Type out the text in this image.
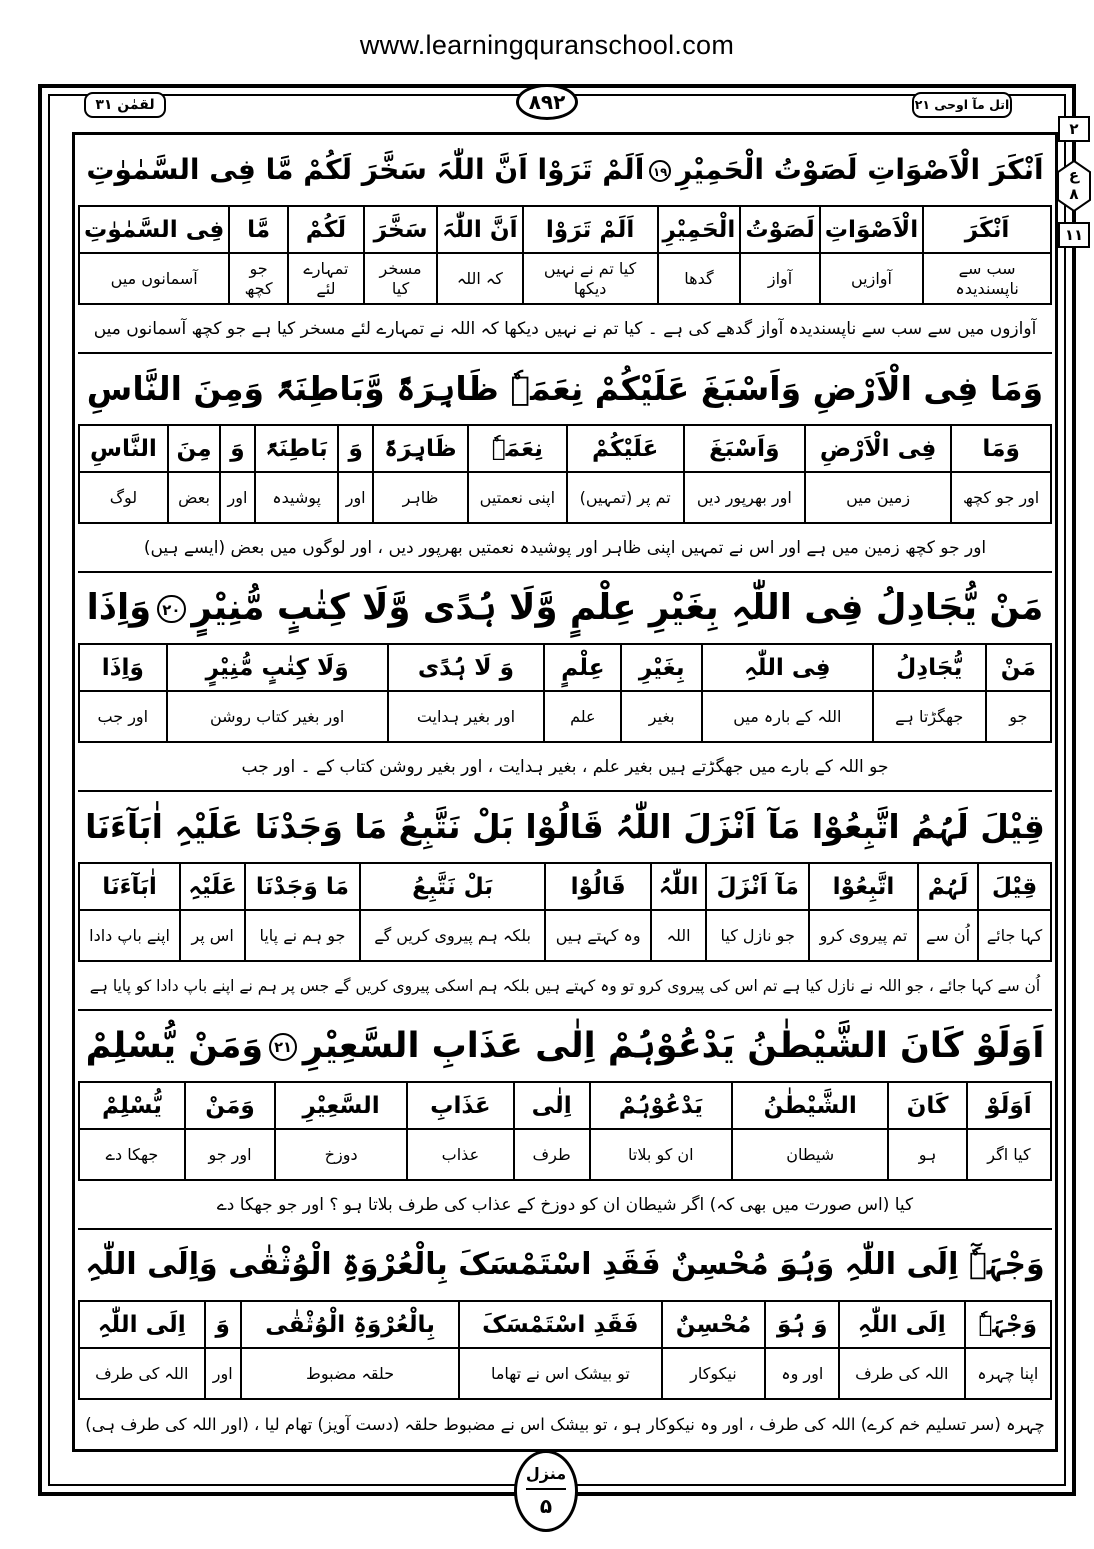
www.learningquranschool.com
لقمٰن ۳۱	۸۹۲	اتل مآ اوحی ۲۱
۲
ع
۸
۱۱
اَنْکَرَ الْاَصْوَاتِ لَصَوْتُ الْحَمِیْرِ۱۹اَلَمْ تَرَوْا اَنَّ اللّٰہَ سَخَّرَ لَکُمْ مَّا فِی السَّمٰوٰتِ
اَنْکَرَ	الْاَصْوَاتِ	لَصَوْتُ	الْحَمِیْرِ	اَلَمْ تَرَوْا	اَنَّ اللّٰہَ	سَخَّرَ	لَکُمْ	مَّا	فِی السَّمٰوٰتِ
سب سے ناپسندیدہ	آوازیں	آواز	گدھا	کیا تم نے نہیں دیکھا	کہ اللہ	مسخر کیا	تمہارے لئے	جو کچھ	آسمانوں میں
آوازوں میں سے سب سے ناپسندیدہ آواز گدھے کی ہے ۔ کیا تم نے نہیں دیکھا کہ اللہ نے تمہارے لئے مسخر کیا ہے جو کچھ آسمانوں میں
وَمَا فِی الْاَرْضِ وَاَسْبَغَ عَلَیْکُمْ نِعَمَہٗ ظَاہِرَۃً وَّبَاطِنَۃً وَمِنَ النَّاسِ
وَمَا	فِی الْاَرْضِ	وَاَسْبَغَ	عَلَیْکُمْ	نِعَمَہٗ	ظَاہِرَۃً	وَ	بَاطِنَۃً	وَ	مِنَ	النَّاسِ
اور جو کچھ	زمین میں	اور بھرپور دیں	تم پر (تمہیں)	اپنی نعمتیں	ظاہر	اور	پوشیدہ	اور	بعض	لوگ
اور جو کچھ زمین میں ہے اور اس نے تمہیں اپنی ظاہر اور پوشیدہ نعمتیں بھرپور دیں ، اور لوگوں میں بعض (ایسے ہیں)
مَنْ یُّجَادِلُ فِی اللّٰہِ بِغَیْرِ عِلْمٍ وَّلَا ہُدًی وَّلَا کِتٰبٍ مُّنِیْرٍ۲۰وَاِذَا
مَنْ	یُّجَادِلُ	فِی اللّٰہِ	بِغَیْرِ	عِلْمٍ	وَ لَا ہُدًی	وَلَا کِتٰبٍ مُّنِیْرٍ	وَاِذَا
جو	جھگڑتا ہے	اللہ کے بارہ میں	بغیر	علم	اور بغیر ہدایت	اور بغیر کتاب روشن	اور جب
جو اللہ کے بارے میں جھگڑتے ہیں بغیر علم ، بغیر ہدایت ، اور بغیر روشن کتاب کے ۔ اور جب
قِیْلَ لَہُمُ اتَّبِعُوْا مَآ اَنْزَلَ اللّٰہُ قَالُوْا بَلْ نَتَّبِعُ مَا وَجَدْنَا عَلَیْہِ اٰبَآءَنَا
قِیْلَ	لَہُمْ	اتَّبِعُوْا	مَآ اَنْزَلَ	اللّٰہُ	قَالُوْا	بَلْ نَتَّبِعُ	مَا وَجَدْنَا	عَلَیْہِ	اٰبَآءَنَا
کہا جائے	اُن سے	تم پیروی کرو	جو نازل کیا	اللہ	وہ کہتے ہیں	بلکہ ہم پیروی کریں گے	جو ہم نے پایا	اس پر	اپنے باپ دادا
اُن سے کہا جائے ، جو اللہ نے نازل کیا ہے تم اس کی پیروی کرو تو وہ کہتے ہیں بلکہ ہم اسکی پیروی کریں گے جس پر ہم نے اپنے باپ دادا کو پایا ہے
اَوَلَوْ کَانَ الشَّیْطٰنُ یَدْعُوْہُمْ اِلٰی عَذَابِ السَّعِیْرِ۲۱وَمَنْ یُّسْلِمْ
اَوَلَوْ	کَانَ	الشَّیْطٰنُ	یَدْعُوْہُمْ	اِلٰی	عَذَابِ	السَّعِیْرِ	وَمَنْ	یُّسْلِمْ
کیا اگر	ہو	شیطان	ان کو بلاتا	طرف	عذاب	دوزخ	اور جو	جھکا دے
کیا (اس صورت میں بھی کہ) اگر شیطان ان کو دوزخ کے عذاب کی طرف بلاتا ہو ؟ اور جو جھکا دے
وَجْہَہٗٓ اِلَی اللّٰہِ وَہُوَ مُحْسِنٌ فَقَدِ اسْتَمْسَکَ بِالْعُرْوَۃِ الْوُثْقٰی وَاِلَی اللّٰہِ
وَجْہَہٗ	اِلَی اللّٰہِ	وَ ہُوَ	مُحْسِنٌ	فَقَدِ اسْتَمْسَکَ	بِالْعُرْوَۃِ الْوُثْقٰی	وَ	اِلَی اللّٰہِ
اپنا چہرہ	اللہ کی طرف	اور وہ	نیکوکار	تو بیشک اس نے تھاما	حلقہ مضبوط	اور	اللہ کی طرف
چہرہ (سر تسلیم خم کرے) اللہ کی طرف ، اور وہ نیکوکار ہو ، تو بیشک اس نے مضبوط حلقہ (دست آویز) تھام لیا ، (اور اللہ کی طرف ہی)
منزل
۵
